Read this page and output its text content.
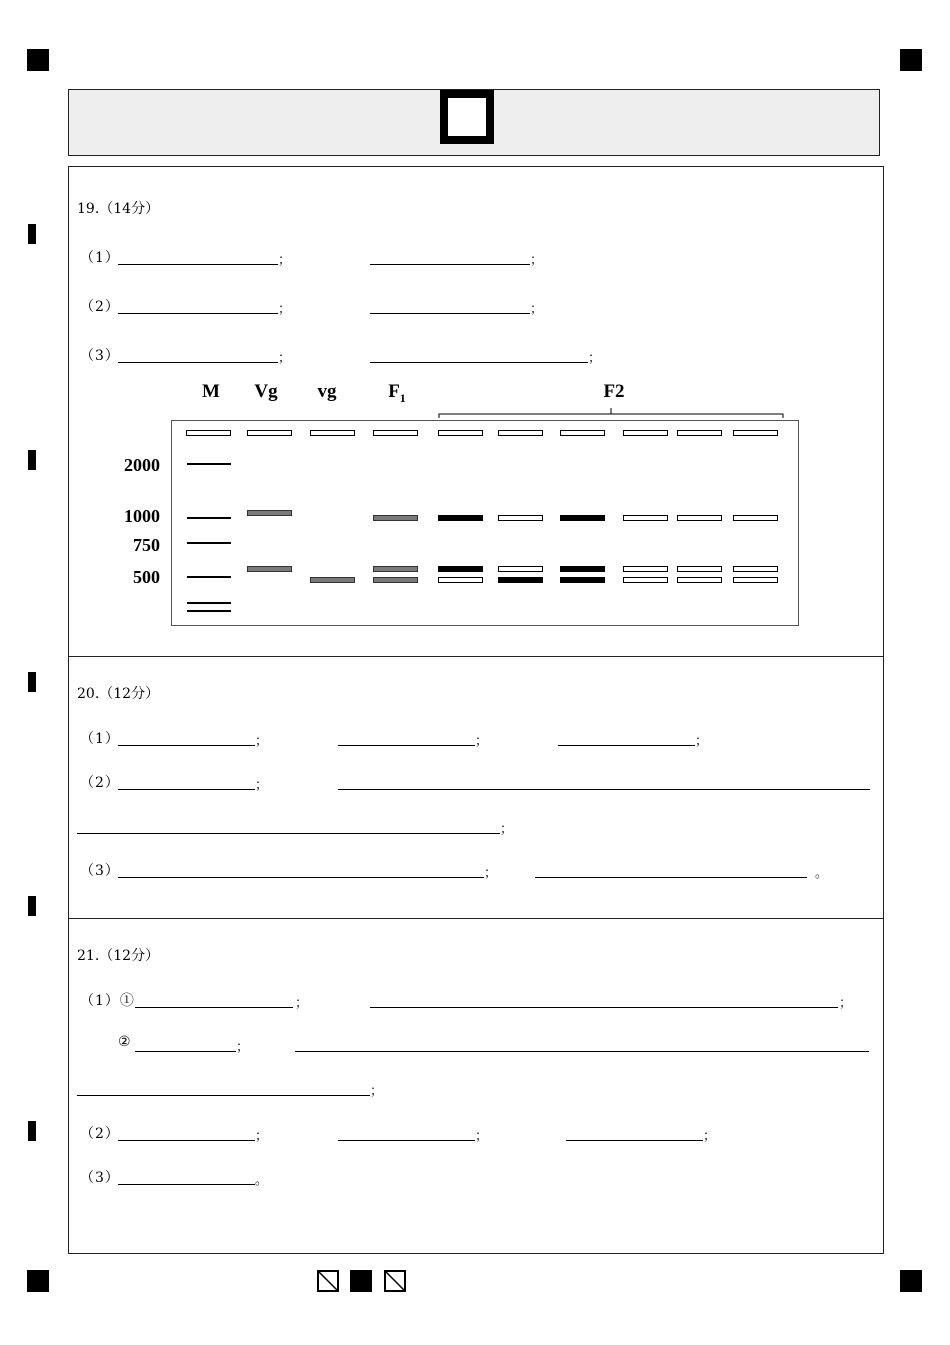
19.（14分）
（1）	；	；
（2）	；	；
（3）	；	；
M Vg vg	$F_1$	F2
2000
1000
750
500
20.（12分）
（1）	；	；	；
（2）	；
；
（3）	；	。
21.（12分）
（1）①	；	；
②	；
；
（2）	；	；	；
（3）	。
